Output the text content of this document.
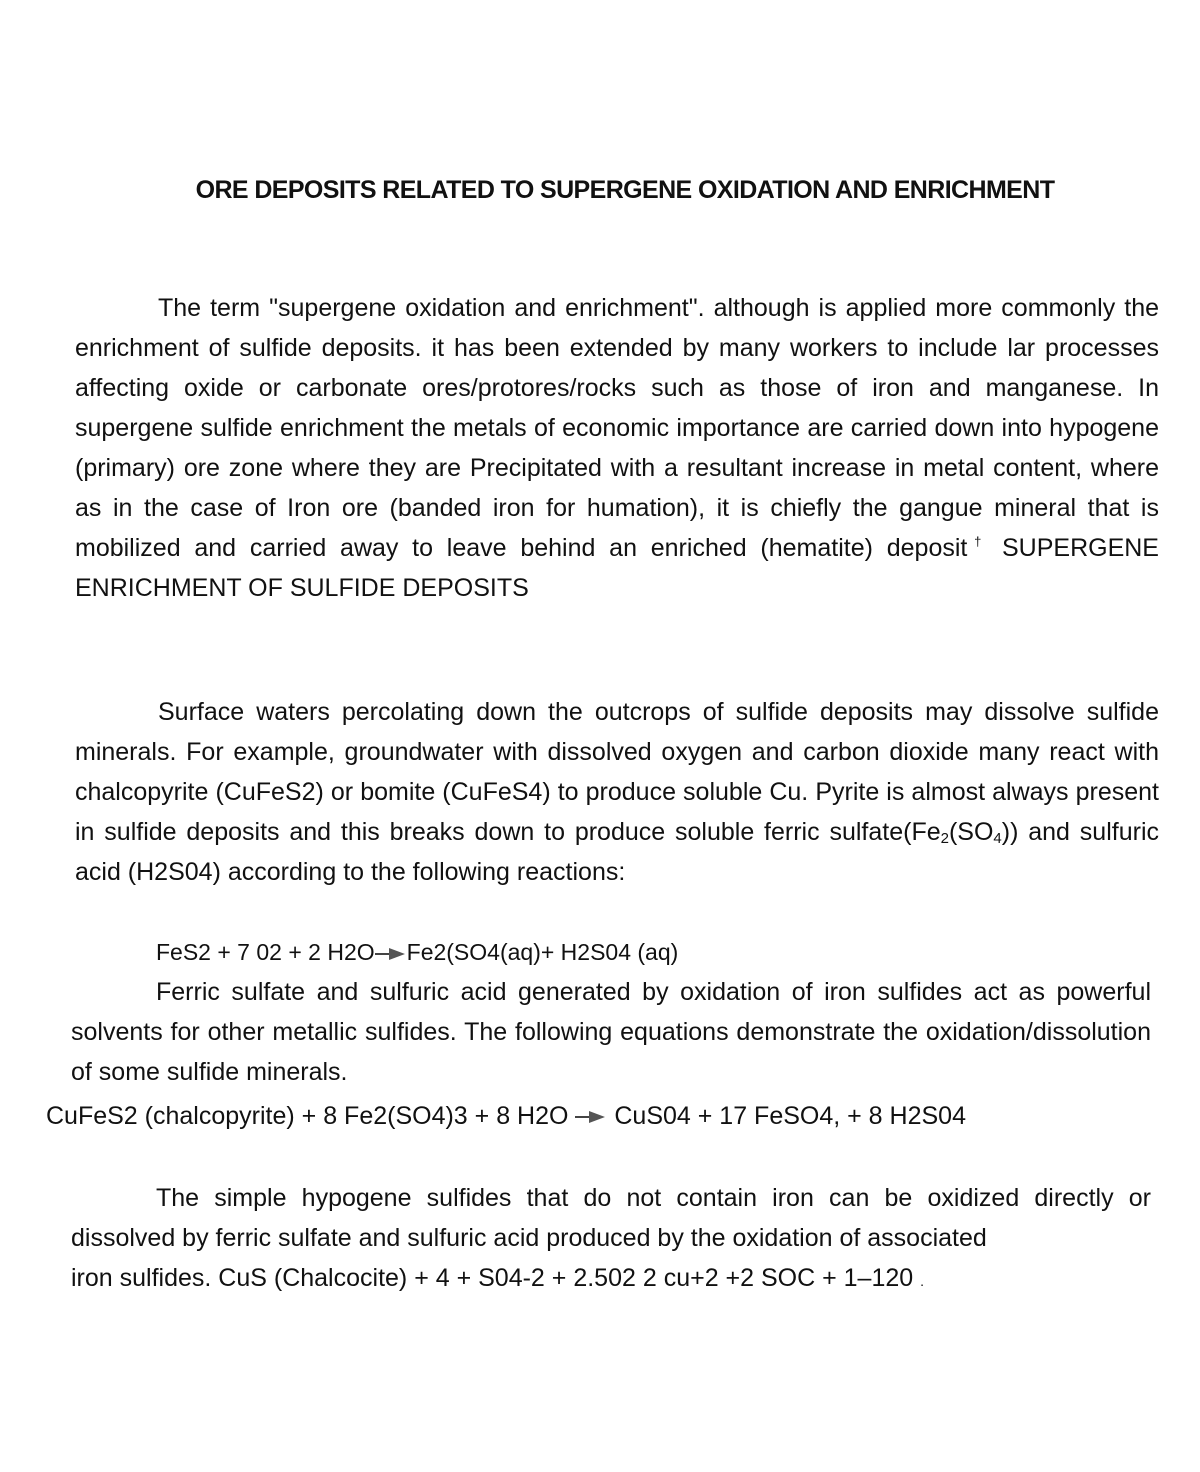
ORE DEPOSITS RELATED TO SUPERGENE OXIDATION AND ENRICHMENT

The term "supergene oxidation and enrichment". although is applied more commonly the enrichment of sulfide deposits. it has been extended by many workers to include lar processes affecting oxide or carbonate ores/protores/rocks such as those of iron and manganese. In supergene sulfide enrichment the metals of economic importance are carried down into hypogene (primary) ore zone where they are Precipitated with a resultant increase in metal content, where as in the case of Iron ore (banded iron for humation), it is chiefly the gangue mineral that is mobilized and carried away to leave behind an enriched (hematite) deposit† SUPERGENE ENRICHMENT OF SULFIDE DEPOSITS

Surface waters percolating down the outcrops of sulfide deposits may dissolve sulfide minerals. For example, groundwater with dissolved oxygen and carbon dioxide many react with chalcopyrite (CuFeS2) or bomite (CuFeS4) to produce soluble Cu. Pyrite is almost always present in sulfide deposits and this breaks down to produce soluble ferric $sulfate(Fe_2(SO_4))$ and sulfuric acid (H2S04) according to the following reactions:

FeS2 + 7 02 + 2 H2O→Fe2(SO4(aq)+ H2S04 (aq)

Ferric sulfate and sulfuric acid generated by oxidation of iron sulfides act as powerful solvents for other metallic sulfides. The following equations demonstrate the oxidation/dissolution of some sulfide minerals.

CuFeS2 (chalcopyrite) + 8 Fe2(SO4)3 + 8 H2O → CuS04 + 17 FeSO4, + 8 H2S04

The simple hypogene sulfides that do not contain iron can be oxidized directly or dissolved by ferric sulfate and sulfuric acid produced by the oxidation of associated

iron sulfides. CuS (Chalcocite) + 4 + S04-2 + 2.502 2 cu+2 +2 SOC + 1–120 .
